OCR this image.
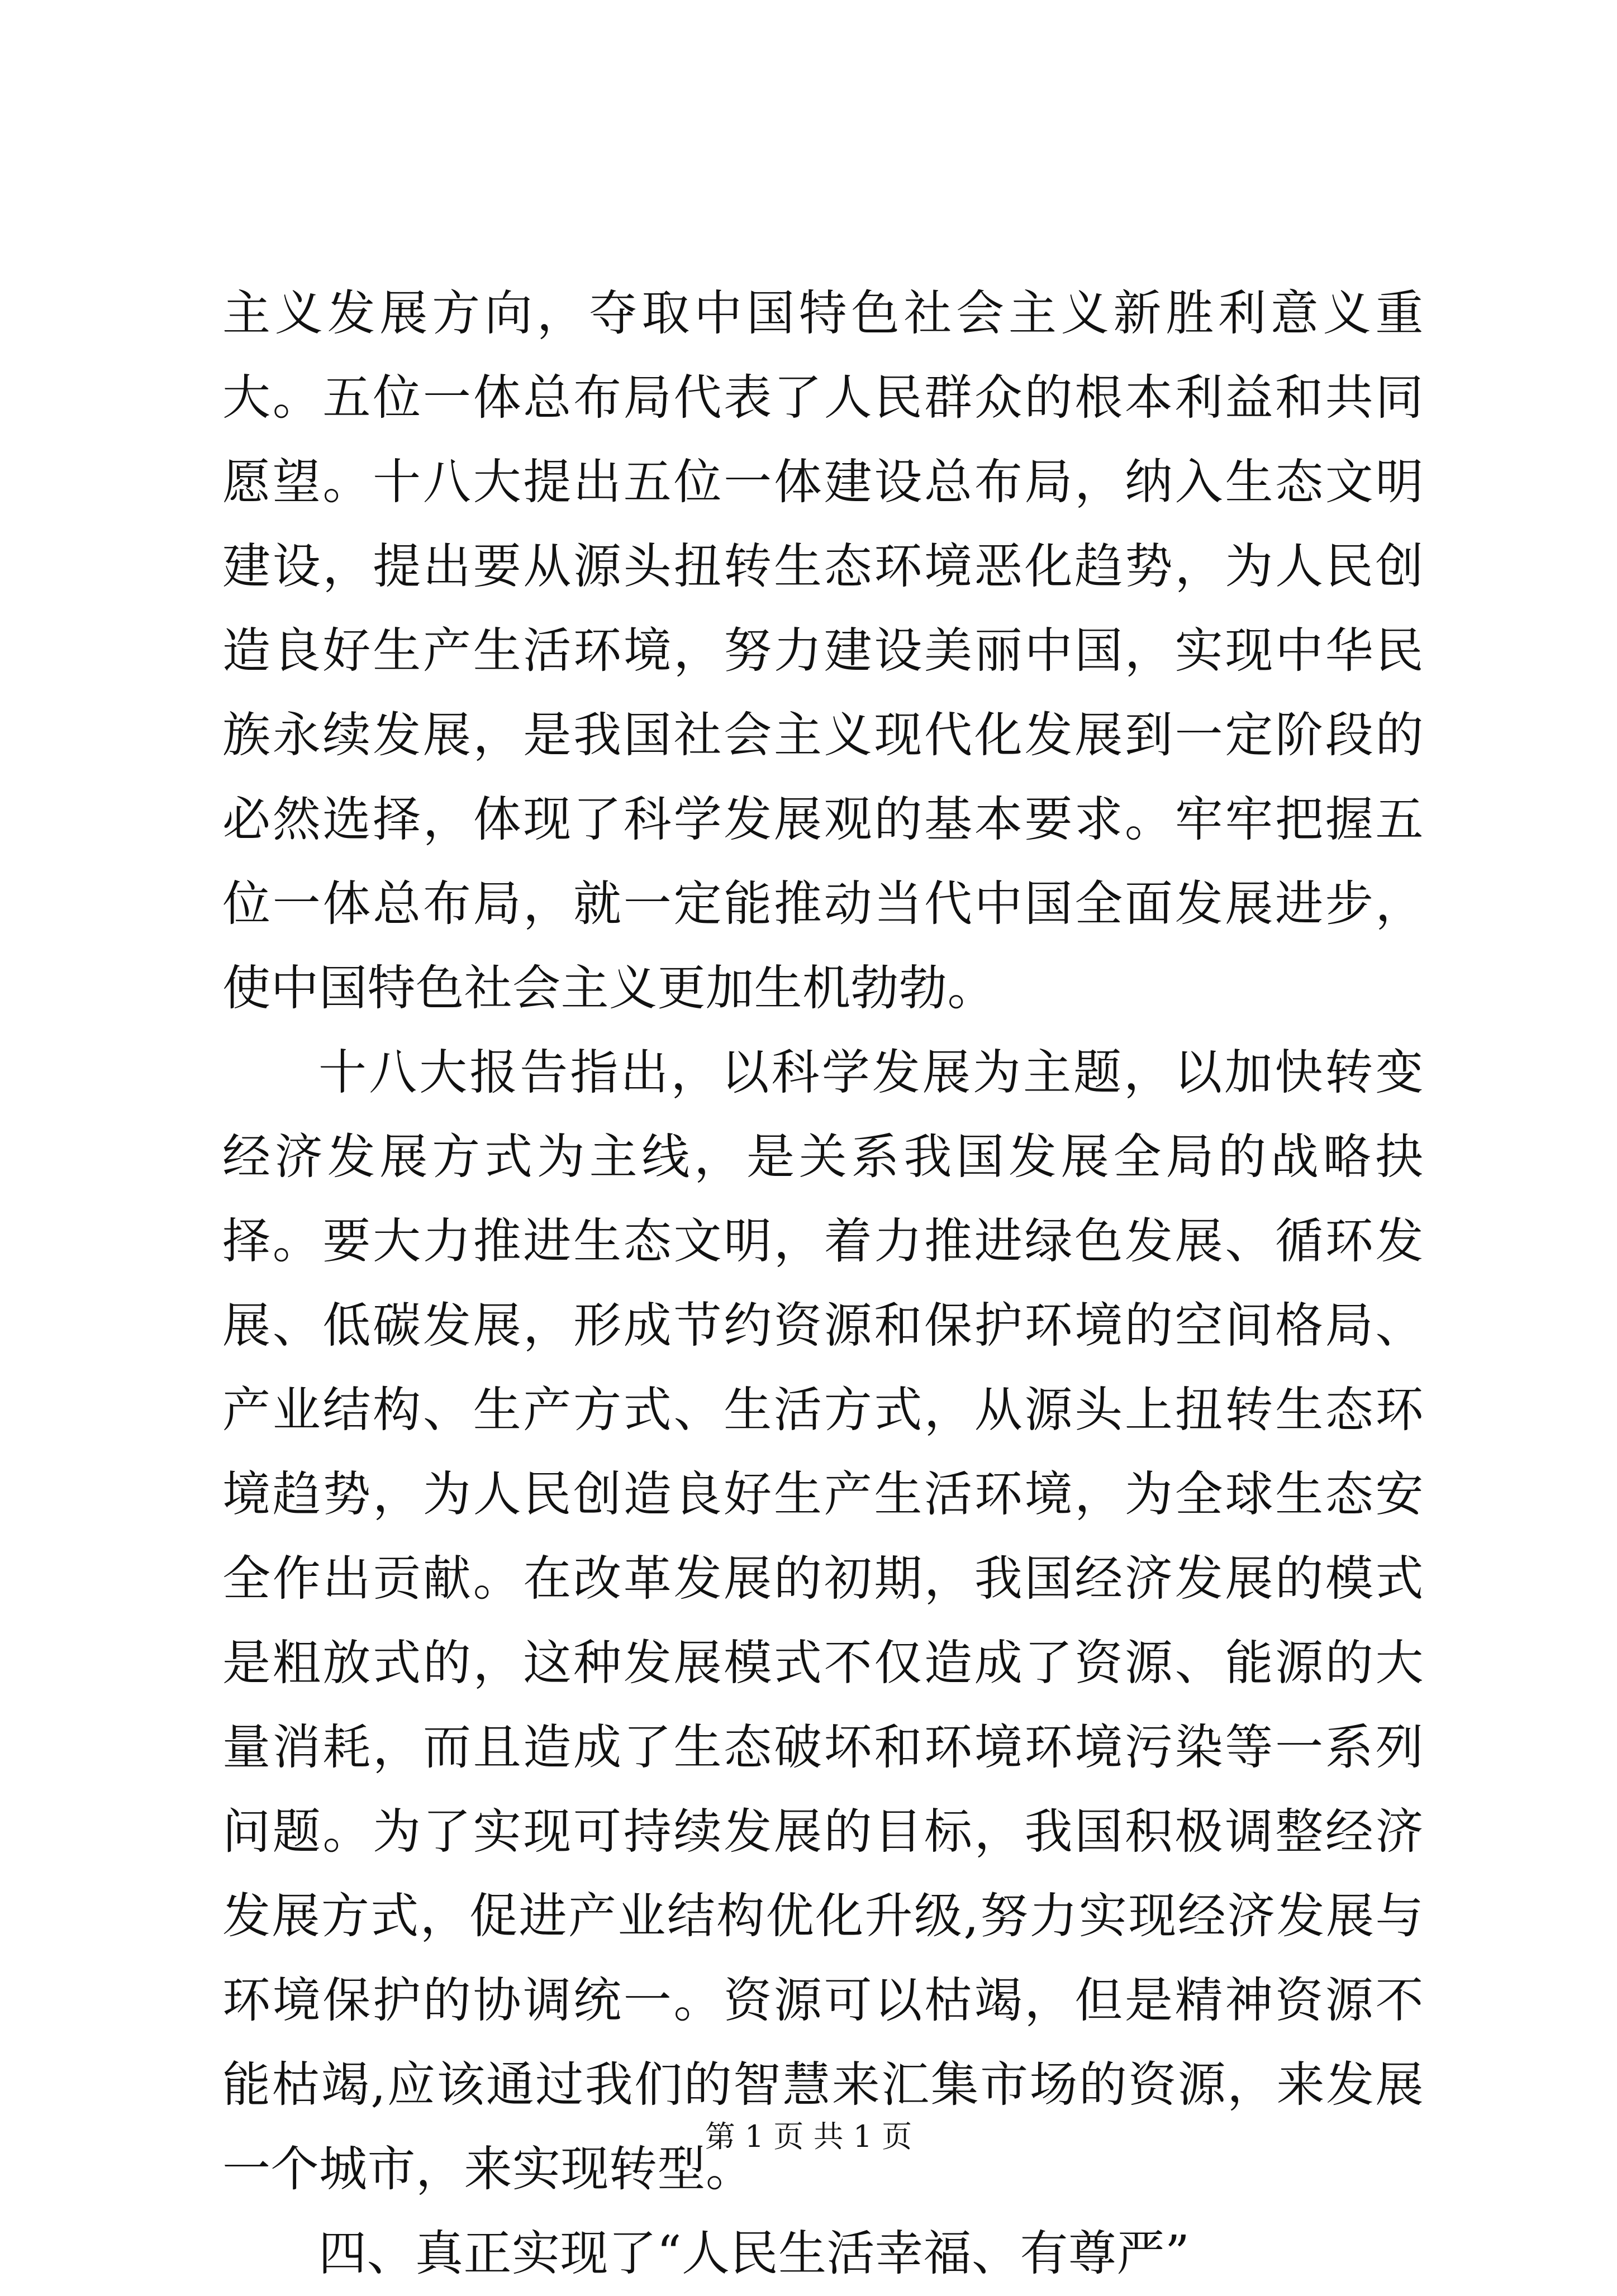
主义发展方向，夺取中国特色社会主义新胜利意义重大。五位一体总布局代表了人民群众的根本利益和共同愿望。十八大提出五位一体建设总布局，纳入生态文明建设，提出要从源头扭转生态环境恶化趋势，为人民创造良好生产生活环境，努力建设美丽中国，实现中华民族永续发展，是我国社会主义现代化发展到一定阶段的必然选择，体现了科学发展观的基本要求。牢牢把握五位一体总布局，就一定能推动当代中国全面发展进步，使中国特色社会主义更加生机勃勃。

十八大报告指出，以科学发展为主题，以加快转变经济发展方式为主线，是关系我国发展全局的战略抉择。要大力推进生态文明，着力推进绿色发展、循环发展、低碳发展，形成节约资源和保护环境的空间格局、产业结构、生产方式、生活方式，从源头上扭转生态环境趋势，为人民创造良好生产生活环境，为全球生态安全作出贡献。在改革发展的初期，我国经济发展的模式是粗放式的，这种发展模式不仅造成了资源、能源的大量消耗，而且造成了生态破坏和环境环境污染等一系列问题。为了实现可持续发展的目标，我国积极调整经济发展方式，促进产业结构优化升级,努力实现经济发展与环境保护的协调统一。资源可以枯竭，但是精神资源不能枯竭,应该通过我们的智慧来汇集市场的资源，来发展一个城市，来实现转型。

四、真正实现了“人民生活幸福、有尊严”

第 1 页 共 1 页
